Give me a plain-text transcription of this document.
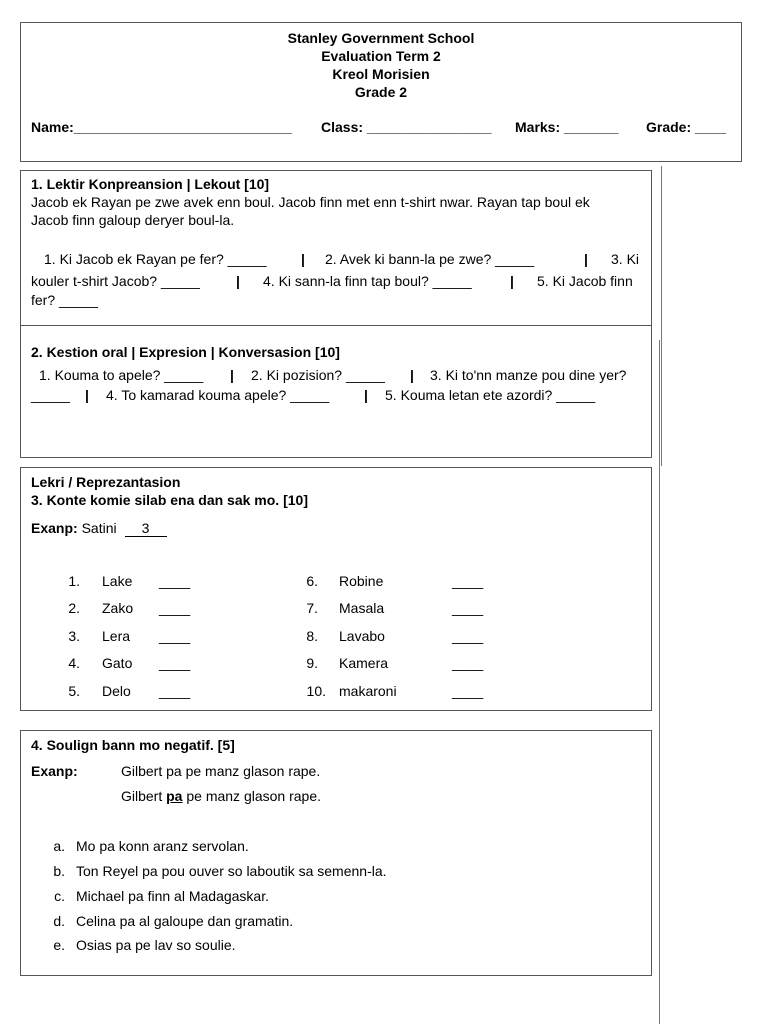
Stanley Government School
Evaluation Term 2
Kreol Morisien
Grade 2
Name:____________________________ Class: ________________ Marks: _______ Grade: ____
1. Lektir Konpreansion | Lekout [10]
Jacob ek Rayan pe zwe avek enn boul. Jacob finn met enn t-shirt nwar. Rayan tap boul ek
Jacob finn galoup deryer boul-la.
1. Ki Jacob ek Rayan pe fer? _____ | 2. Avek ki bann-la pe zwe? _____	| 3. Ki
kouler t-shirt Jacob? _____	| 4. Ki sann-la finn tap boul? _____	| 5. Ki Jacob finn
fer? _____
2. Kestion oral | Expresion | Konversasion [10]
1. Kouma to apele? _____ | 2. Ki pozision? _____ | 3. Ki to'nn manze pou dine yer?
_____ | 4. To kamarad kouma apele? _____ | 5. Kouma letan ete azordi? _____
Lekri / Reprezantasion
3. Konte komie silab ena dan sak mo. [10]
Exanp: Satini 3
1. Lake ____
2. Zako ____
3. Lera ____
4. Gato ____
5. Delo ____
6. Robine	____
7. Masala	____
8. Lavabo	____
9. Kamera	____
10. makaroni	____
4. Soulign bann mo negatif. [5]
Exanp:	Gilbert pa pe manz glason rape.
Gilbert pa pe manz glason rape.
a. Mo pa konn aranz servolan.
b. Ton Reyel pa pou ouver so laboutik sa semenn-la.
c. Michael pa finn al Madagaskar.
d. Celina pa al galoupe dan gramatin.
e. Osias pa pe lav so soulie.
